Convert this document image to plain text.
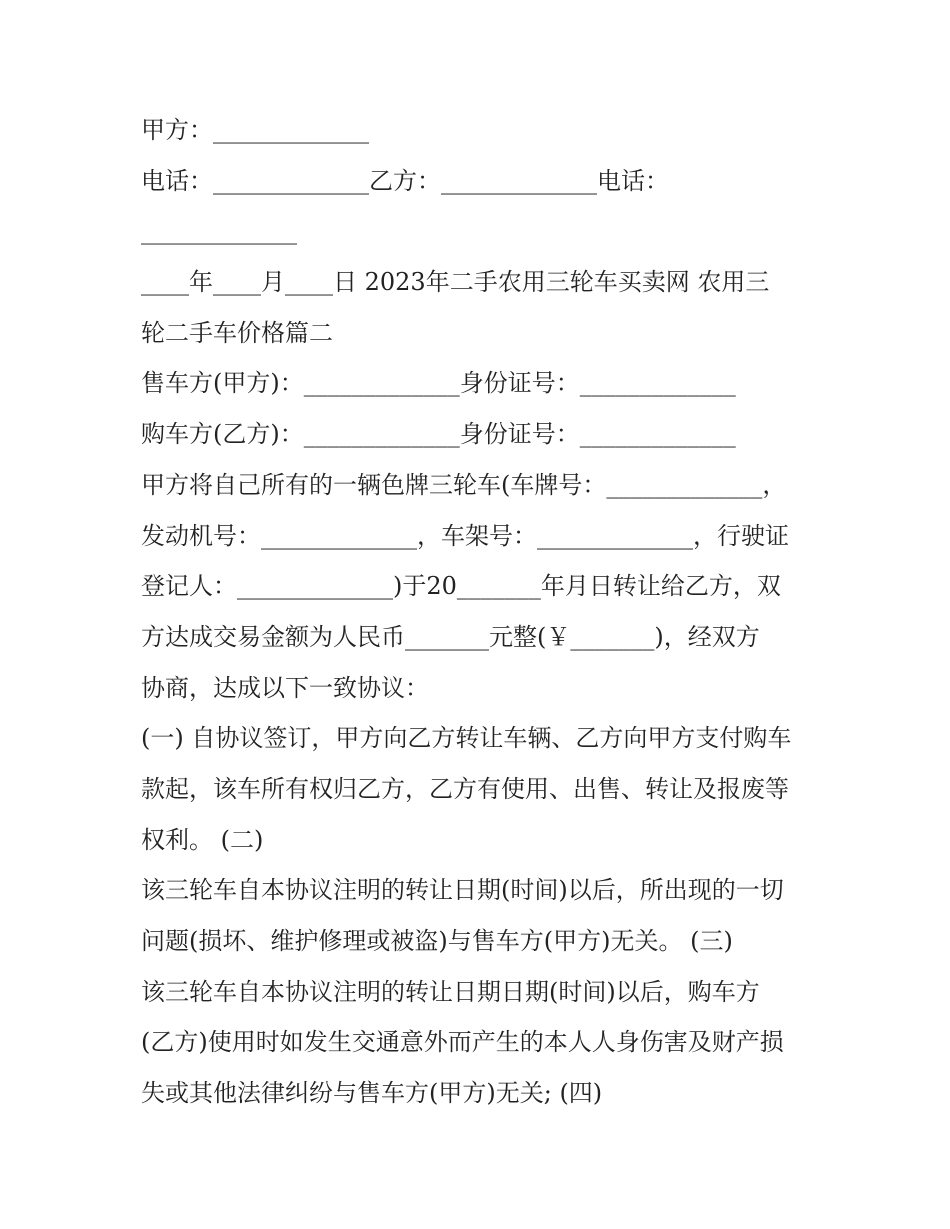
甲方：_____________

电话：_____________乙方：_____________电话：

_____________

____年____月____日 2023年二手农用三轮车买卖网 农用三

轮二手车价格篇二

售车方(甲方)：_____________身份证号：_____________

购车方(乙方)：_____________身份证号：_____________

甲方将自己所有的一辆色牌三轮车(车牌号：_____________，

发动机号：_____________，车架号：_____________，行驶证

登记人：_____________)于20_______年月日转让给乙方，双

方达成交易金额为人民币_______元整(￥_______)，经双方

协商，达成以下一致协议：

(一) 自协议签订，甲方向乙方转让车辆、乙方向甲方支付购车

款起，该车所有权归乙方，乙方有使用、出售、转让及报废等

权利。 (二)

该三轮车自本协议注明的转让日期(时间)以后，所出现的一切

问题(损坏、维护修理或被盗)与售车方(甲方)无关。 (三)

该三轮车自本协议注明的转让日期日期(时间)以后，购车方

(乙方)使用时如发生交通意外而产生的本人人身伤害及财产损

失或其他法律纠纷与售车方(甲方)无关; (四)
